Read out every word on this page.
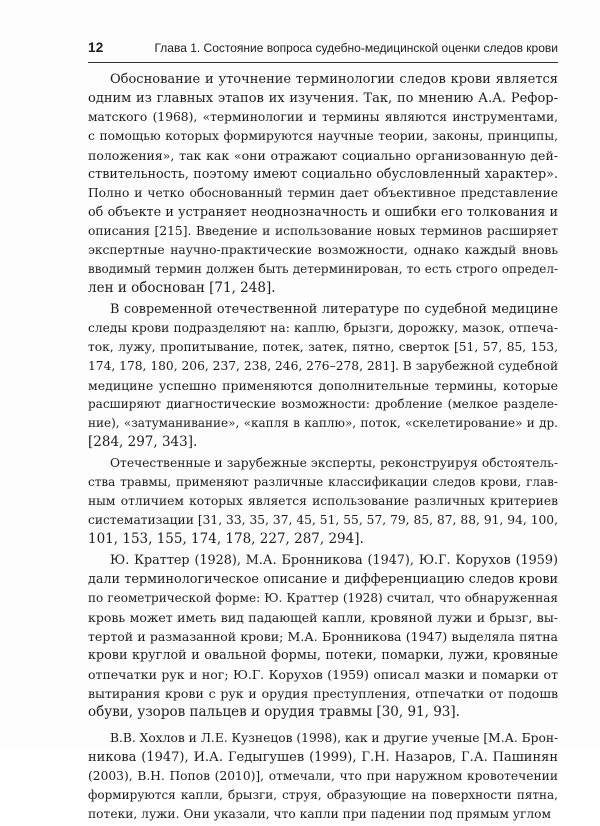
12	Глава 1. Состояние вопроса судебно-медицинской оценки следов крови
Обоснование и уточнение терминологии следов крови является
одним из главных этапов их изучения. Так, по мнению А.А. Рефор-
матского (1968), «терминологии и термины являются инструментами,
с помощью которых формируются научные теории, законы, принципы,
положения», так как «они отражают социально организованную дей-
ствительность, поэтому имеют социально обусловленный характер».
Полно и четко обоснованный термин дает объективное представление
об объекте и устраняет неоднозначность и ошибки его толкования и
описания [215]. Введение и использование новых терминов расширяет
экспертные научно-практические возможности, однако каждый вновь
вводимый термин должен быть детерминирован, то есть строго определ-
лен и обоснован [71, 248].
В современной отечественной литературе по судебной медицине
следы крови подразделяют на: каплю, брызги, дорожку, мазок, отпеча-
ток, лужу, пропитывание, потек, затек, пятно, сверток [51, 57, 85, 153,
174, 178, 180, 206, 237, 238, 246, 276–278, 281]. В зарубежной судебной
медицине успешно применяются дополнительные термины, которые
расширяют диагностические возможности: дробление (мелкое разделе-
ние), «затуманивание», «капля в каплю», поток, «скелетирование» и др.
[284, 297, 343].
Отечественные и зарубежные эксперты, реконструируя обстоятель-
ства травмы, применяют различные классификации следов крови, глав-
ным отличием которых является использование различных критериев
систематизации [31, 33, 35, 37, 45, 51, 55, 57, 79, 85, 87, 88, 91, 94, 100,
101, 153, 155, 174, 178, 227, 287, 294].
Ю. Краттер (1928), М.А. Бронникова (1947), Ю.Г. Корухов (1959)
дали терминологическое описание и дифференциацию следов крови
по геометрической форме: Ю. Краттер (1928) считал, что обнаруженная
кровь может иметь вид падающей капли, кровяной лужи и брызг, вы-
тертой и размазанной крови; М.А. Бронникова (1947) выделяла пятна
крови круглой и овальной формы, потеки, помарки, лужи, кровяные
отпечатки рук и ног; Ю.Г. Корухов (1959) описал мазки и помарки от
вытирания крови с рук и орудия преступления, отпечатки от подошв
обуви, узоров пальцев и орудия травмы [30, 91, 93].
В.В. Хохлов и Л.Е. Кузнецов (1998), как и другие ученые [М.А. Брон-
никова (1947), И.А. Гедыгушев (1999), Г.Н. Назаров, Г.А. Пашинян
(2003), В.Н. Попов (2010)], отмечали, что при наружном кровотечении
формируются капли, брызги, струя, образующие на поверхности пятна,
потеки, лужи. Они указали, что капли при падении под прямым углом
